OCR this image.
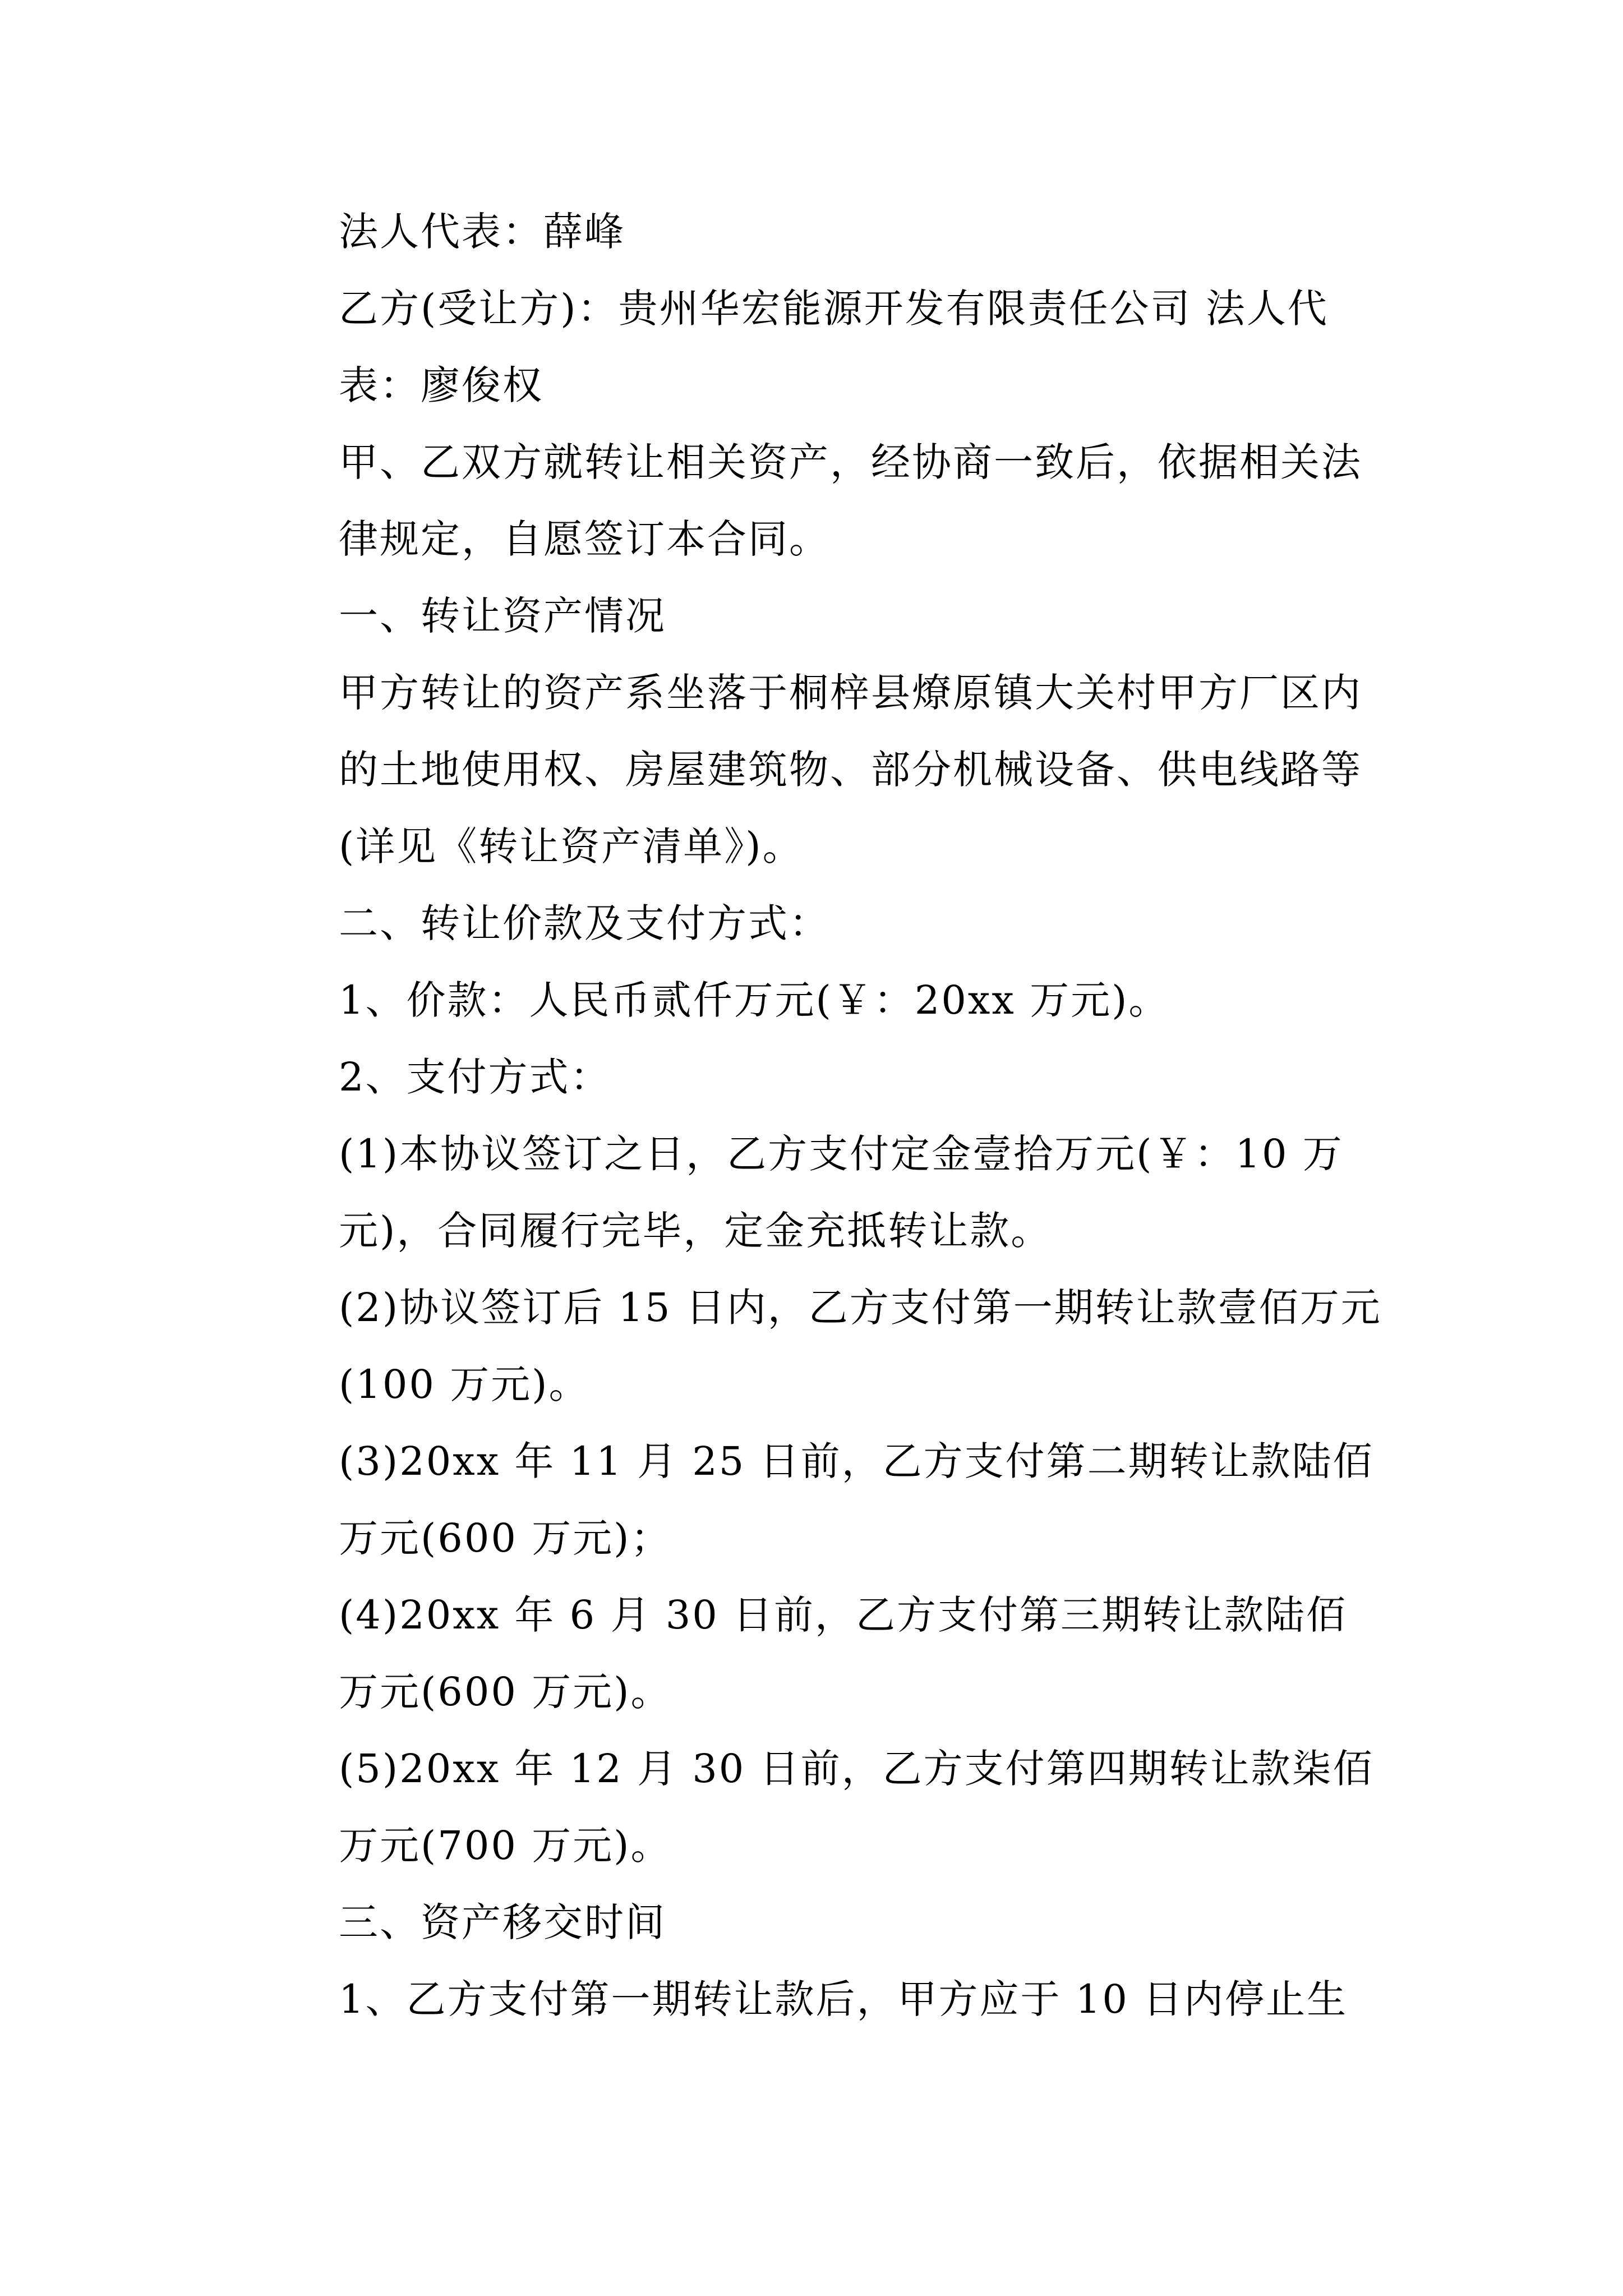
法人代表：薛峰

乙方(受让方)：贵州华宏能源开发有限责任公司 法人代表：廖俊权

甲、乙双方就转让相关资产，经协商一致后，依据相关法律规定，自愿签订本合同。

一、转让资产情况

甲方转让的资产系坐落于桐梓县燎原镇大关村甲方厂区内的土地使用权、房屋建筑物、部分机械设备、供电线路等(详见《转让资产清单》)。

二、转让价款及支付方式：

1、价款：人民币贰仟万元(￥：20xx 万元)。

2、支付方式：

(1)本协议签订之日，乙方支付定金壹拾万元(￥：10 万元)，合同履行完毕，定金充抵转让款。

(2)协议签订后 15 日内，乙方支付第一期转让款壹佰万元(100 万元)。

(3)20xx 年 11 月 25 日前，乙方支付第二期转让款陆佰万元(600 万元)；

(4)20xx 年 6 月 30 日前，乙方支付第三期转让款陆佰

万元(600 万元)。

(5)20xx 年 12 月 30 日前，乙方支付第四期转让款柒佰万元(700 万元)。

三、资产移交时间

1、乙方支付第一期转让款后，甲方应于 10 日内停止生
